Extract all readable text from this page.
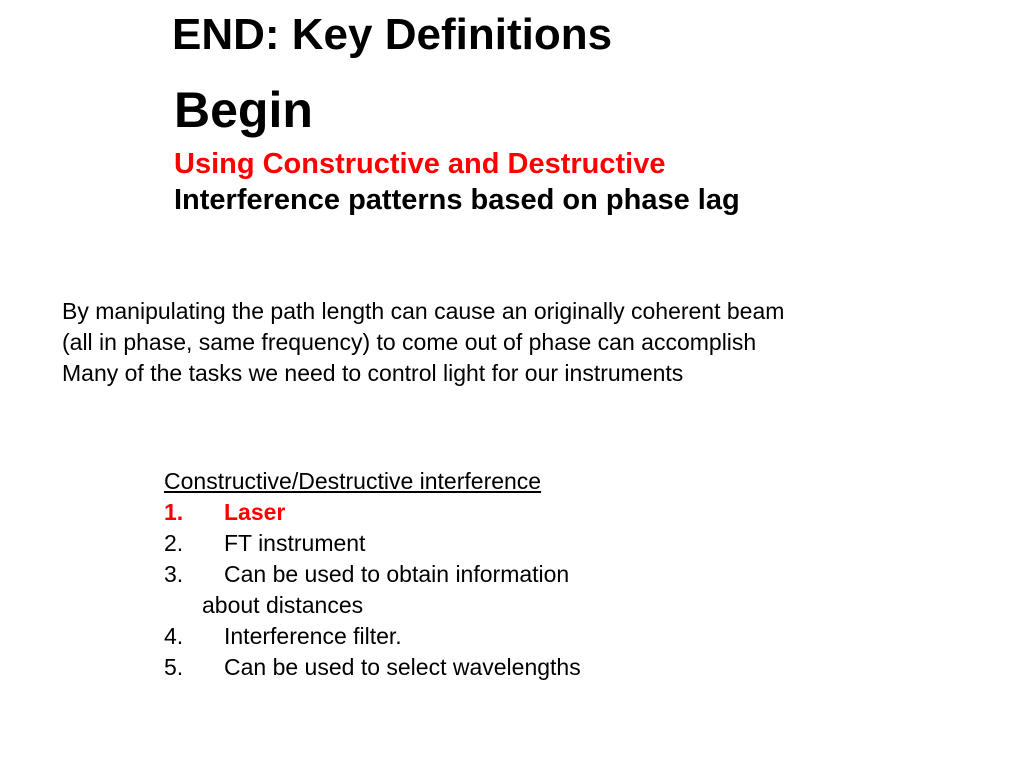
END: Key Definitions
Begin
Using Constructive and Destructive
Interference patterns based on phase lag
By manipulating the path length can cause an originally coherent beam
(all in phase, same frequency) to come out of phase can accomplish
Many of the tasks we need to control light for our instruments
Constructive/Destructive interference
1. Laser
2. FT instrument
3. Can be used to obtain information
about distances
4. Interference filter.
5. Can be used to select wavelengths
